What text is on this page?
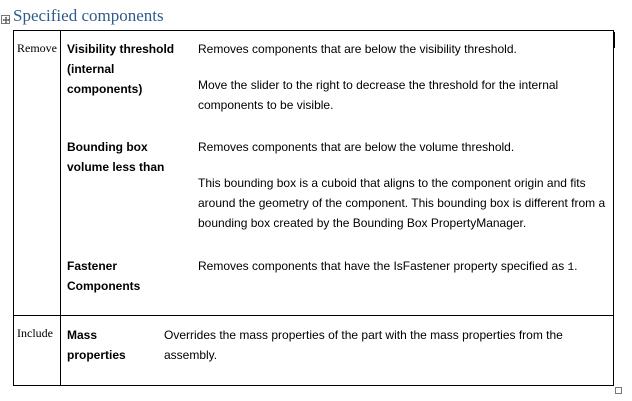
Specified components
Remove Visibility threshold
(internal
components)
Removes components that are below the visibility threshold.
Move the slider to the right to decrease the threshold for the internal components to be visible.
Bounding box
volume less than
Removes components that are below the volume threshold.
This bounding box is a cuboid that aligns to the component origin and fits around the geometry of the component. This bounding box is different from a bounding box created by the Bounding Box PropertyManager.
Fastener
Components
Removes components that have the IsFastener property specified as 1.
Include Mass
properties
Overrides the mass properties of the part with the mass properties from the assembly.
